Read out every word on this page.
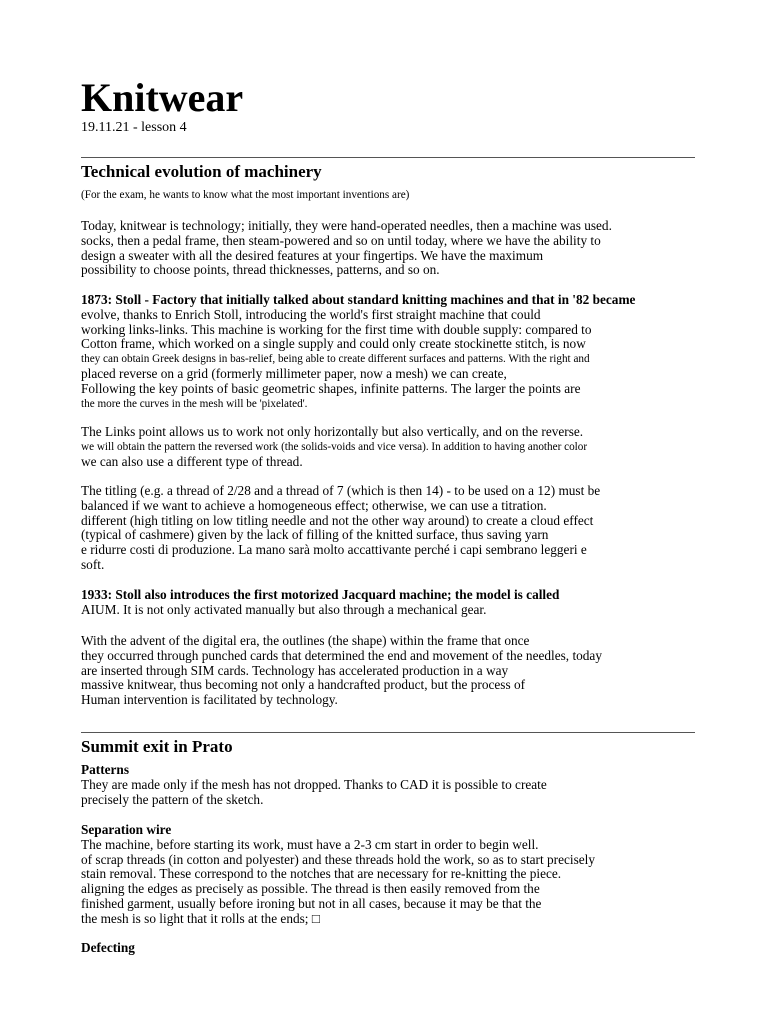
Knitwear
19.11.21 - lesson 4
Technical evolution of machinery
(For the exam, he wants to know what the most important inventions are)
Today, knitwear is technology; initially, they were hand-operated needles, then a machine was used.
socks, then a pedal frame, then steam-powered and so on until today, where we have the ability to
design a sweater with all the desired features at your fingertips. We have the maximum
possibility to choose points, thread thicknesses, patterns, and so on.
1873: Stoll - Factory that initially talked about standard knitting machines and that in '82 became
evolve, thanks to Enrich Stoll, introducing the world's first straight machine that could
working links-links. This machine is working for the first time with double supply: compared to
Cotton frame, which worked on a single supply and could only create stockinette stitch, is now
they can obtain Greek designs in bas-relief, being able to create different surfaces and patterns. With the right and
placed reverse on a grid (formerly millimeter paper, now a mesh) we can create,
Following the key points of basic geometric shapes, infinite patterns. The larger the points are
the more the curves in the mesh will be 'pixelated'.
The Links point allows us to work not only horizontally but also vertically, and on the reverse.
we will obtain the pattern the reversed work (the solids-voids and vice versa). In addition to having another color
we can also use a different type of thread.
The titling (e.g. a thread of 2/28 and a thread of 7 (which is then 14) - to be used on a 12) must be
balanced if we want to achieve a homogeneous effect; otherwise, we can use a titration.
different (high titling on low titling needle and not the other way around) to create a cloud effect
(typical of cashmere) given by the lack of filling of the knitted surface, thus saving yarn
e ridurre costi di produzione. La mano sarà molto accattivante perché i capi sembrano leggeri e
soft.
1933: Stoll also introduces the first motorized Jacquard machine; the model is called
AIUM. It is not only activated manually but also through a mechanical gear.
With the advent of the digital era, the outlines (the shape) within the frame that once
they occurred through punched cards that determined the end and movement of the needles, today
are inserted through SIM cards. Technology has accelerated production in a way
massive knitwear, thus becoming not only a handcrafted product, but the process of
Human intervention is facilitated by technology.
Summit exit in Prato
Patterns
They are made only if the mesh has not dropped. Thanks to CAD it is possible to create
precisely the pattern of the sketch.
Separation wire
The machine, before starting its work, must have a 2-3 cm start in order to begin well.
of scrap threads (in cotton and polyester) and these threads hold the work, so as to start precisely
stain removal. These correspond to the notches that are necessary for re-knitting the piece.
aligning the edges as precisely as possible. The thread is then easily removed from the
finished garment, usually before ironing but not in all cases, because it may be that the
the mesh is so light that it rolls at the ends; □
Defecting
